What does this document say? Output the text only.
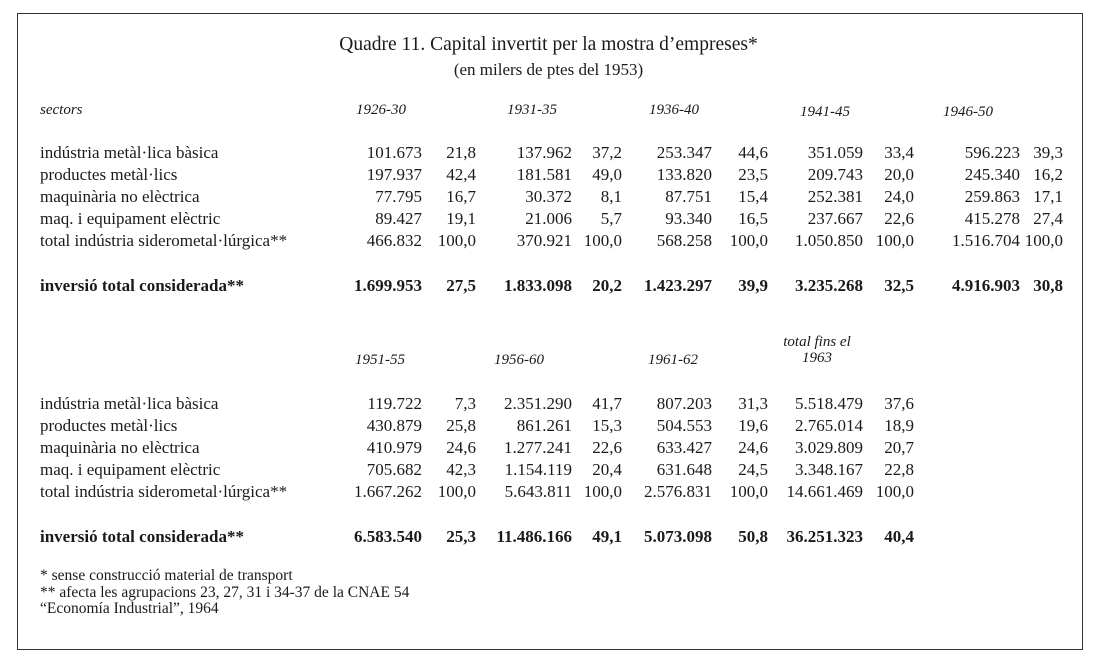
Quadre 11. Capital invertit per la mostra d’empreses*
(en milers de ptes del 1953)
sectors	1926-30	1931-35	1936-40	1941-45	1946-50
indústria metàl·lica bàsica	101.673 21,8 137.962 37,2 253.347 44,6 351.059 33,4	596.223 39,3
productes metàl·lics	197.937 42,4 181.581 49,0 133.820 23,5 209.743 20,0	245.340 16,2
maquinària no elèctrica	77.795 16,7	30.372 8,1	87.751 15,4 252.381 24,0	259.863 17,1
maq. i equipament elèctric	89.427 19,1	21.006 5,7	93.340 16,5 237.667 22,6	415.278 27,4
total indústria siderometal·lúrgica**	466.832 100,0 370.921 100,0 568.258 100,0 1.050.850 100,0 1.516.704 100,0
inversió total considerada**	1.699.953 27,5 1.833.098 20,2 1.423.297 39,9 3.235.268 32,5 4.916.903 30,8
1951-55	1956-60	1961-62
total fins el
1963
indústria metàl·lica bàsica	119.722 7,3 2.351.290 41,7 807.203 31,3 5.518.479 37,6
productes metàl·lics	430.879 25,8 861.261 15,3 504.553 19,6 2.765.014 18,9
maquinària no elèctrica	410.979 24,6 1.277.241 22,6 633.427 24,6 3.029.809 20,7
maq. i equipament elèctric	705.682 42,3 1.154.119 20,4 631.648 24,5 3.348.167 22,8
total indústria siderometal·lúrgica**	1.667.262 100,0 5.643.811 100,0 2.576.831 100,0 14.661.469 100,0
inversió total considerada**	6.583.540 25,3 11.486.166 49,1 5.073.098 50,8 36.251.323 40,4
* sense construcció material de transport
** afecta les agrupacions 23, 27, 31 i 34-37 de la CNAE 54
“Economía Industrial”, 1964
